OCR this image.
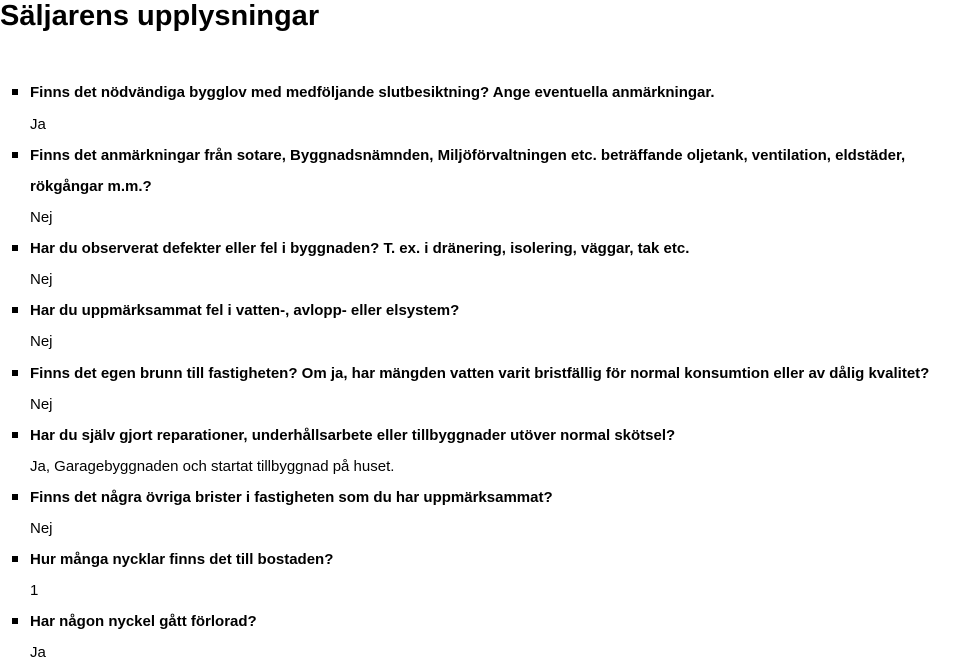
Säljarens upplysningar
Finns det nödvändiga bygglov med medföljande slutbesiktning? Ange eventuella anmärkningar.
Ja
Finns det anmärkningar från sotare, Byggnadsnämnden, Miljöförvaltningen etc. beträffande oljetank, ventilation, eldstäder,
rökgångar m.m.?
Nej
Har du observerat defekter eller fel i byggnaden? T. ex. i dränering, isolering, väggar, tak etc.
Nej
Har du uppmärksammat fel i vatten-, avlopp- eller elsystem?
Nej
Finns det egen brunn till fastigheten? Om ja, har mängden vatten varit bristfällig för normal konsumtion eller av dålig kvalitet?
Nej
Har du själv gjort reparationer, underhållsarbete eller tillbyggnader utöver normal skötsel?
Ja, Garagebyggnaden och startat tillbyggnad på huset.
Finns det några övriga brister i fastigheten som du har uppmärksammat?
Nej
Hur många nycklar finns det till bostaden?
1
Har någon nyckel gått förlorad?
Ja
